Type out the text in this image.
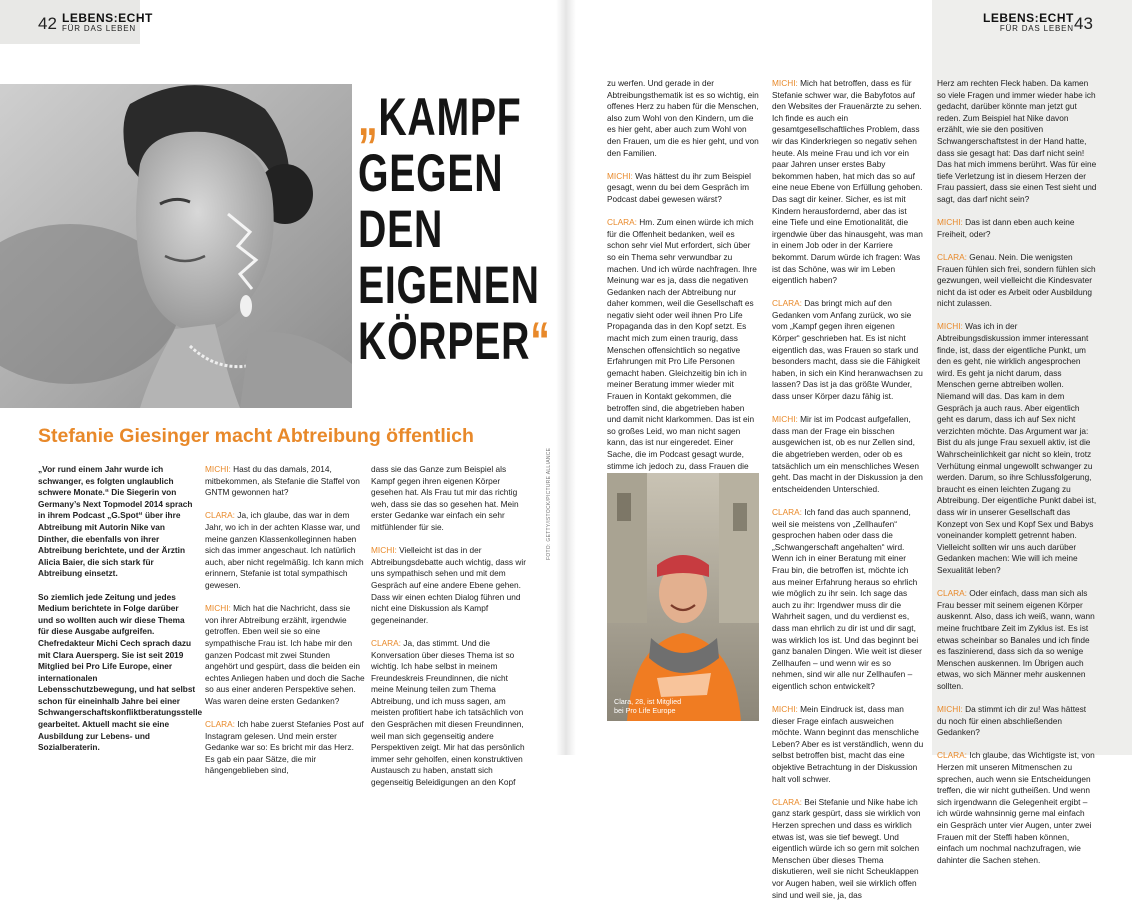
42 LEBENS:ECHT
FÜR DAS LEBEN
„KAMPF
GEGEN
DEN
EIGENEN
KÖRPER“
Stefanie Giesinger macht Abtreibung öffentlich

„Vor rund einem Jahr wurde ich schwanger, es folgten unglaublich schwere Monate.“ Die Siegerin von Germany’s Next Topmodel 2014 sprach in ihrem Podcast „G.Spot“ über ihre Abtreibung mit Autorin Nike van Dinther, die ebenfalls von ihrer Abtreibung berichtete, und der Ärztin Alicia Baier, die sich stark für Abtreibung einsetzt.

So ziemlich jede Zeitung und jedes Medium berichtete in Folge darüber und so wollten auch wir diese Thema für diese Ausgabe aufgreifen. Chefredakteur Michi Cech sprach dazu mit Clara Auersperg. Sie ist seit 2019 Mitglied bei Pro Life Europe, einer internationalen Lebensschutzbewegung, und hat selbst schon für eineinhalb Jahre bei einer Schwangerschaftskonfliktberatungsstelle gearbeitet. Aktuell macht sie eine Ausbildung zur Lebens- und Sozialberaterin.

MICHI: Hast du das damals, 2014, mitbekommen, als Stefanie die Staffel von GNTM gewonnen hat?

CLARA: Ja, ich glaube, das war in dem Jahr, wo ich in der achten Klasse war, und meine ganzen Klassenkolleginnen haben sich das immer angeschaut. Ich natürlich auch, aber nicht regelmäßig. Ich kann mich erinnern, Stefanie ist total sympathisch gewesen.

MICHI: Mich hat die Nachricht, dass sie von ihrer Abtreibung erzählt, irgendwie getroffen. Eben weil sie so eine sympathische Frau ist. Ich habe mir den ganzen Podcast mit zwei Stunden angehört und gespürt, dass die beiden ein echtes Anliegen haben und doch die Sache so aus einer anderen Perspektive sehen. Was waren deine ersten Gedanken?

CLARA: Ich habe zuerst Stefanies Post auf Instagram gelesen. Und mein erster Gedanke war so: Es bricht mir das Herz. Es gab ein paar Sätze, die mir hängengeblieben sind,

dass sie das Ganze zum Beispiel als Kampf gegen ihren eigenen Körper gesehen hat. Als Frau tut mir das richtig weh, dass sie das so gesehen hat. Mein erster Gedanke war einfach ein sehr mitfühlender für sie.

MICHI: Vielleicht ist das in der Abtreibungsdebatte auch wichtig, dass wir uns sympathisch sehen und mit dem Gespräch auf eine andere Ebene gehen. Dass wir einen echten Dialog führen und nicht eine Diskussion als Kampf gegeneinander.

CLARA: Ja, das stimmt. Und die Konversation über dieses Thema ist so wichtig. Ich habe selbst in meinem Freundeskreis Freundinnen, die nicht meine Meinung teilen zum Thema Abtreibung, und ich muss sagen, am meisten profitiert habe ich tatsächlich von den Gesprächen mit diesen Freundinnen, weil man sich gegenseitig andere Perspektiven zeigt. Mir hat das persönlich immer sehr geholfen, einen konstruktiven Austausch zu haben, anstatt sich gegenseitig Beleidigungen an den Kopf

FOTO: GETTY/ISTOCK/PICTURE ALLIANCE
LEBENS:ECHT
FÜR DAS LEBEN 43

zu werfen. Und gerade in der Abtreibungsthematik ist es so wichtig, ein offenes Herz zu haben für die Menschen, also zum Wohl von den Kindern, um die es hier geht, aber auch zum Wohl von den Frauen, um die es hier geht, und von den Familien.

MICHI: Was hättest du ihr zum Beispiel gesagt, wenn du bei dem Gespräch im Podcast dabei gewesen wärst?

CLARA: Hm. Zum einen würde ich mich für die Offenheit bedanken, weil es schon sehr viel Mut erfordert, sich über so ein Thema sehr verwundbar zu machen. Und ich würde nachfragen. Ihre Meinung war es ja, dass die negativen Gedanken nach der Abtreibung nur daher kommen, weil die Gesellschaft es negativ sieht oder weil ihnen Pro Life Propaganda das in den Kopf setzt. Es macht mich zum einen traurig, dass Menschen offensichtlich so negative Erfahrungen mit Pro Life Personen gemacht haben. Gleichzeitig bin ich in meiner Beratung immer wieder mit Frauen in Kontakt gekommen, die betroffen sind, die abgetrieben haben und damit nicht klarkommen. Das ist ein so großes Leid, wo man nicht sagen kann, das ist nur eingeredet. Einer Sache, die im Podcast gesagt wurde, stimme ich jedoch zu, dass Frauen die

MICHI: Mich hat betroffen, dass es für Stefanie schwer war, die Babyfotos auf den Websites der Frauenärzte zu sehen. Ich finde es auch ein gesamtgesellschaftliches Problem, dass wir das Kinderkriegen so negativ sehen heute. Als meine Frau und ich vor ein paar Jahren unser erstes Baby bekommen haben, hat mich das so auf eine neue Ebene von Erfüllung gehoben. Das sagt dir keiner. Sicher, es ist mit Kindern herausfordernd, aber das ist eine Tiefe und eine Emotionalität, die irgendwie über das hinausgeht, was man in einem Job oder in der Karriere bekommt. Darum würde ich fragen: Was ist das Schöne, was wir im Leben eigentlich haben?

CLARA: Das bringt mich auf den Gedanken vom Anfang zurück, wo sie vom „Kampf gegen ihren eigenen Körper“ geschrieben hat. Es ist nicht eigentlich das, was Frauen so stark und besonders macht, dass sie die Fähigkeit haben, in sich ein Kind heranwachsen zu lassen? Das ist ja das größte Wunder, dass unser Körper dazu fähig ist.

MICHI: Mir ist im Podcast aufgefallen, dass man der Frage ein bisschen ausgewichen ist, ob es nur Zellen sind, die abgetrieben werden, oder ob es tatsächlich um ein menschliches Wesen geht. Das macht in der Diskussion ja den entscheidenden Unterschied.

CLARA: Ich fand das auch spannend, weil sie meistens von „Zellhaufen“ gesprochen haben oder dass die „Schwangerschaft angehalten“ wird. Wenn ich in einer Beratung mit einer Frau bin, die betroffen ist, möchte ich aus meiner Erfahrung heraus so ehrlich wie möglich zu ihr sein. Ich sage das auch zu ihr: Irgendwer muss dir die Wahrheit sagen, und du verdienst es, dass man ehrlich zu dir ist und dir sagt, was wirklich los ist. Und das beginnt bei ganz banalen Dingen. Wie weit ist dieser Zellhaufen – und wenn wir es so nehmen, sind wir alle nur Zellhaufen – eigentlich schon entwickelt?

MICHI: Mein Eindruck ist, dass man dieser Frage einfach ausweichen möchte. Wann beginnt das menschliche Leben? Aber es ist verständlich, wenn du selbst betroffen bist, macht das eine objektive Betrachtung in der Diskussion halt voll schwer.

CLARA: Bei Stefanie und Nike habe ich ganz stark gespürt, dass sie wirklich von Herzen sprechen und dass es wirklich etwas ist, was sie tief bewegt. Und eigentlich würde ich so gern mit solchen Menschen über dieses Thema diskutieren, weil sie nicht Scheuklappen vor Augen haben, weil sie wirklich offen sind und weil sie, ja, das

Herz am rechten Fleck haben. Da kamen so viele Fragen und immer wieder habe ich gedacht, darüber könnte man jetzt gut reden. Zum Beispiel hat Nike davon erzählt, wie sie den positiven Schwangerschaftstest in der Hand hatte, dass sie gesagt hat: Das darf nicht sein! Das hat mich immens berührt. Was für eine tiefe Verletzung ist in diesem Herzen der Frau passiert, dass sie einen Test sieht und sagt, das darf nicht sein?

MICHI: Das ist dann eben auch keine Freiheit, oder?

CLARA: Genau. Nein. Die wenigsten Frauen fühlen sich frei, sondern fühlen sich gezwungen, weil vielleicht die Kindesvater nicht da ist oder es Arbeit oder Ausbildung nicht zulassen.

MICHI: Was ich in der Abtreibungsdiskussion immer interessant finde, ist, dass der eigentliche Punkt, um den es geht, nie wirklich angesprochen wird. Es geht ja nicht darum, dass Menschen gerne abtreiben wollen. Niemand will das. Das kam in dem Gespräch ja auch raus. Aber eigentlich geht es darum, dass ich auf Sex nicht verzichten möchte. Das Argument war ja: Bist du als junge Frau sexuell aktiv, ist die Wahrscheinlichkeit gar nicht so klein, trotz Verhütung einmal ungewollt schwanger zu werden. Darum, so ihre Schlussfolgerung, braucht es einen leichten Zugang zu Abtreibung. Der eigentliche Punkt dabei ist, dass wir in unserer Gesellschaft das Konzept von Sex und Kopf Sex und Babys voneinander komplett getrennt haben. Vielleicht sollten wir uns auch darüber Gedanken machen: Wie will ich meine Sexualität leben?

CLARA: Oder einfach, dass man sich als Frau besser mit seinem eigenen Körper auskennt. Also, dass ich weiß, wann, wann meine fruchtbare Zeit im Zyklus ist. Es ist etwas scheinbar so Banales und ich finde es faszinierend, dass sich da so wenige Menschen auskennen. Im Übrigen auch etwas, wo sich Männer mehr auskennen sollten.

MICHI: Da stimmt ich dir zu! Was hättest du noch für einen abschließenden Gedanken?

CLARA: Ich glaube, das Wichtigste ist, von Herzen mit unseren Mitmenschen zu sprechen, auch wenn sie Entscheidungen treffen, die wir nicht gutheißen. Und wenn sich irgendwann die Gelegenheit ergibt – ich würde wahnsinnig gerne mal einfach ein Gespräch unter vier Augen, unter zwei Frauen mit der Steffi haben können, einfach um nochmal nachzufragen, wie dahinter die Sachen stehen.

Clara, 28, ist Mitglied
bei Pro Life Europe
